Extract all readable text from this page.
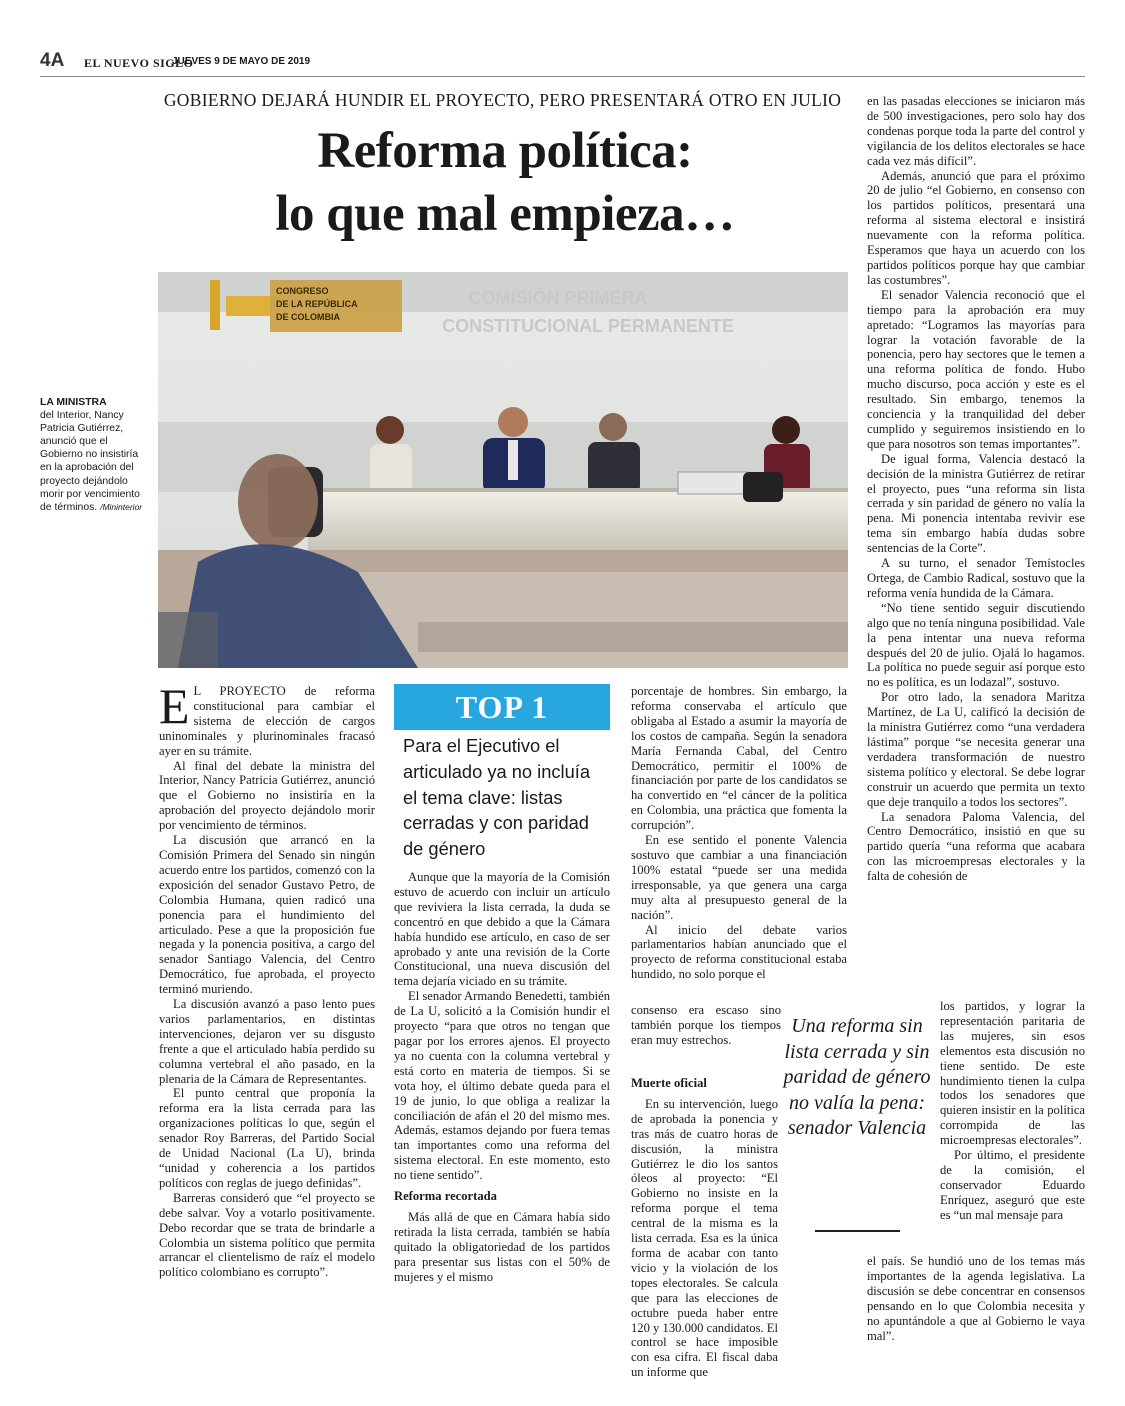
4A EL NUEVO SIGLO
JUEVES 9 DE MAYO DE 2019
GOBIERNO DEJARÁ HUNDIR EL PROYECTO, PERO PRESENTARÁ OTRO EN JULIO
Reforma política:
lo que mal empieza…
CONGRESO
DE LA REPÚBLICA
DE COLOMBIA
COMISIÓN PRIMERA
CONSTITUCIONAL PERMANENTE
LA MINISTRA
del Interior, Nancy Patricia Gutiérrez, anunció que el Gobierno no insistiría en la aprobación del proyecto dejándolo morir por vencimiento de términos. /Mininterior

E L PROYECTO de reforma constitucional para cambiar el sistema de elección de cargos uninominales y plurinominales fracasó ayer en su trámite.

Al final del debate la ministra del Interior, Nancy Patricia Gutiérrez, anunció que el Gobierno no insistiría en la aprobación del proyecto dejándolo morir por vencimiento de términos.

La discusión que arrancó en la Comisión Primera del Senado sin ningún acuerdo entre los partidos, comenzó con la exposición del senador Gustavo Petro, de Colombia Humana, quien radicó una ponencia para el hundimiento del articulado. Pese a que la proposición fue negada y la ponencia positiva, a cargo del senador Santiago Valencia, del Centro Democrático, fue aprobada, el proyecto terminó muriendo.

La discusión avanzó a paso lento pues varios parlamentarios, en distintas intervenciones, dejaron ver su disgusto frente a que el articulado había perdido su columna vertebral el año pasado, en la plenaria de la Cámara de Representantes.

El punto central que proponía la reforma era la lista cerrada para las organizaciones políticas lo que, según el senador Roy Barreras, del Partido Social de Unidad Nacional (La U), brinda “unidad y coherencia a los partidos políticos con reglas de juego definidas”.

Barreras consideró que “el proyecto se debe salvar. Voy a votarlo positivamente. Debo recordar que se trata de brindarle a Colombia un sistema político que permita arrancar el clientelismo de raíz el modelo político colombiano es corrupto”.

TOP 1
Para el Ejecutivo el articulado ya no incluía el tema clave: listas cerradas y con paridad de género

Aunque que la mayoría de la Comisión estuvo de acuerdo con incluir un artículo que reviviera la lista cerrada, la duda se concentró en que debido a que la Cámara había hundido ese artículo, en caso de ser aprobado y ante una revisión de la Corte Constitucional, una nueva discusión del tema dejaría viciado en su trámite.

El senador Armando Benedetti, también de La U, solicitó a la Comisión hundir el proyecto “para que otros no tengan que pagar por los errores ajenos. El proyecto ya no cuenta con la columna vertebral y está corto en materia de tiempos. Si se vota hoy, el último debate queda para el 19 de junio, lo que obliga a realizar la conciliación de afán el 20 del mismo mes. Además, estamos dejando por fuera temas tan importantes como una reforma del sistema electoral. En este momento, esto no tiene sentido”.

Reforma recortada

Más allá de que en Cámara había sido retirada la lista cerrada, también se había quitado la obligatoriedad de los partidos para presentar sus listas con el 50% de mujeres y el mismo

porcentaje de hombres. Sin embargo, la reforma conservaba el artículo que obligaba al Estado a asumir la mayoría de los costos de campaña. Según la senadora María Fernanda Cabal, del Centro Democrático, permitir el 100% de financiación por parte de los candidatos se ha convertido en “el cáncer de la política en Colombia, una práctica que fomenta la corrupción”.

En ese sentido el ponente Valencia sostuvo que cambiar a una financiación 100% estatal “puede ser una medida irresponsable, ya que genera una carga muy alta al presupuesto general de la nación”.

Al inicio del debate varios parlamentarios habían anunciado que el proyecto de reforma constitucional estaba hundido, no solo porque el

consenso era escaso sino también porque los tiempos eran muy estrechos.

Muerte oficial

En su intervención, luego de aprobada la ponencia y tras más de cuatro horas de discusión, la ministra Gutiérrez le dio los santos óleos al proyecto: “El Gobierno no insiste en la reforma porque el tema central de la misma es la lista cerrada. Esa es la única forma de acabar con tanto vicio y la violación de los topes electorales. Se calcula que para las elecciones de octubre pueda haber entre 120 y 130.000 candidatos. El control se hace imposible con esa cifra. El fiscal daba un informe que

Una reforma sin lista cerrada y sin paridad de género no valía la pena: senador Valencia

en las pasadas elecciones se iniciaron más de 500 investigaciones, pero solo hay dos condenas porque toda la parte del control y vigilancia de los delitos electorales se hace cada vez más difícil”.

Además, anunció que para el próximo 20 de julio “el Gobierno, en consenso con los partidos políticos, presentará una reforma al sistema electoral e insistirá nuevamente con la reforma política. Esperamos que haya un acuerdo con los partidos políticos porque hay que cambiar las costumbres”.

El senador Valencia reconoció que el tiempo para la aprobación era muy apretado: “Logramos las mayorías para lograr la votación favorable de la ponencia, pero hay sectores que le temen a una reforma política de fondo. Hubo mucho discurso, poca acción y este es el resultado. Sin embargo, tenemos la conciencia y la tranquilidad del deber cumplido y seguiremos insistiendo en lo que para nosotros son temas importantes”.

De igual forma, Valencia destacó la decisión de la ministra Gutiérrez de retirar el proyecto, pues “una reforma sin lista cerrada y sin paridad de género no valía la pena. Mi ponencia intentaba revivir ese tema sin embargo había dudas sobre sentencias de la Corte”.

A su turno, el senador Temístocles Ortega, de Cambio Radical, sostuvo que la reforma venía hundida de la Cámara.

“No tiene sentido seguir discutiendo algo que no tenía ninguna posibilidad. Vale la pena intentar una nueva reforma después del 20 de julio. Ojalá lo hagamos. La política no puede seguir así porque esto no es política, es un lodazal”, sostuvo.

Por otro lado, la senadora Maritza Martínez, de La U, calificó la decisión de la ministra Gutiérrez como “una verdadera lástima” porque “se necesita generar una verdadera transformación de nuestro sistema político y electoral. Se debe lograr construir un acuerdo que permita un texto que deje tranquilo a todos los sectores”.

La senadora Paloma Valencia, del Centro Democrático, insistió en que su partido quería “una reforma que acabara con las microempresas electorales y la falta de cohesión de

los partidos, y lograr la representación paritaria de las mujeres, sin esos elementos esta discusión no tiene sentido. De este hundimiento tienen la culpa todos los senadores que quieren insistir en la política corrompida de las microempresas electorales”.

Por último, el presidente de la comisión, el conservador Eduardo Enríquez, aseguró que este es “un mal mensaje para

el país. Se hundió uno de los temas más importantes de la agenda legislativa. La discusión se debe concentrar en consensos pensando en lo que Colombia necesita y no apuntándole a que al Gobierno le vaya mal”.
